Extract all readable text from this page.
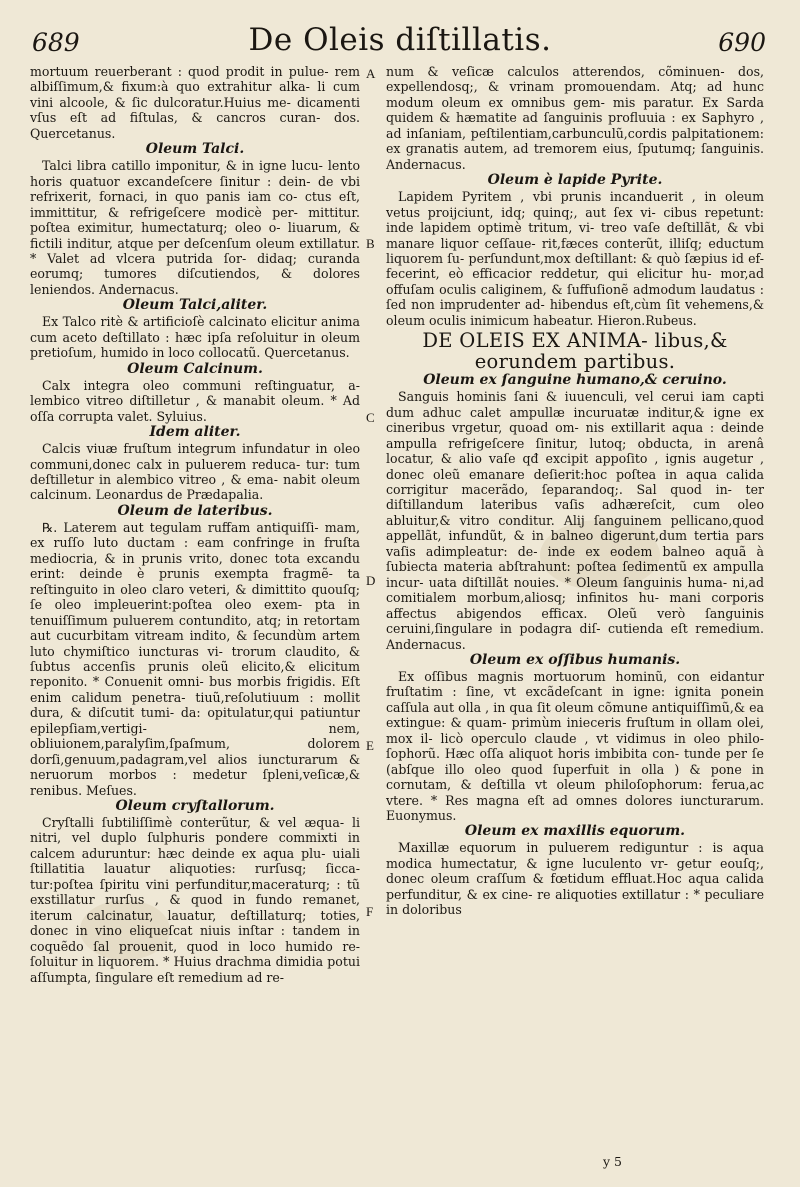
689	De Oleis diſtillatis.	690

mortuum reuerberant : quod prodit in pulue- rem albiſſimum,& fixum:à quo extrahitur alka- li cum vini alcoole, & ſic dulcoratur.Huius me- dicamenti vſus eſt ad fiſtulas, & cancros curan- dos. Quercetanus.

Oleum Talci.

Talci libra catillo imponitur, & in igne lucu- lento horis quatuor excandeſcere ſinitur : dein- de vbi refrixerit, fornaci, in quo panis iam co- ctus eſt, immittitur, & refrigeſcere modicè per- mittitur. poſtea eximitur, humectaturq; oleo o- liuarum, & fictili inditur, atque per deſcenſum oleum extillatur. * Valet ad vlcera putrida ſor- didaq; curanda eorumq; tumores diſcutiendos, & dolores leniendos. Andernacus.

Oleum Talci,aliter.

Ex Talco ritè & artificioſè calcinato elicitur anima cum aceto deſtillato : hæc ipſa reſoluitur in oleum pretioſum, humido in loco collocatũ. Quercetanus.

Oleum Calcinum.

Calx integra oleo communi reſtinguatur, a- lembico vitreo diſtilletur , & manabit oleum. * Ad oſſa corrupta valet. Syluius.

Idem aliter.

Calcis viuæ fruſtum integrum infundatur in oleo communi,donec calx in puluerem reduca- tur: tum deſtilletur in alembico vitreo , & ema- nabit oleum calcinum. Leonardus de Prædapalia.

Oleum de lateribus.

℞. Laterem aut tegulam ruffam antiquiſſi- mam, ex ruſſo luto ductam : eam confringe in fruſta mediocria, & in prunis vrito, donec tota excandu erint: deinde è prunis exempta fragmẽ- ta reſtinguito in oleo claro veteri, & dimittito quouſq; ſe oleo impleuerint:poſtea oleo exem- pta in tenuiſſimum puluerem contundito, atq; in retortam aut cucurbitam vitream indito, & ſecundùm artem luto chymiſtico iuncturas vi- trorum claudito, & ſubtus accenſis prunis oleũ elicito,& elicitum reponito. * Conuenit omni- bus morbis frigidis. Eſt enim calidum penetra- tiuũ,reſolutiuum : mollit dura, & diſcutit tumi- da: opitulatur,qui patiuntur epilepſiam,vertigi- nem, obliuionem,paralyſim,ſpaſmum, dolorem dorſi,genuum,padagram,vel alios iuncturarum & neruorum morbos : medetur ſpleni,veſicæ,& renibus. Meſues.

Oleum cryſtallorum.

Cryſtalli ſubtiliſſimè conterũtur, & vel æqua- li nitri, vel duplo ſulphuris pondere commixti in calcem aduruntur: hæc deinde ex aqua plu- uiali ſtillatitia lauatur aliquoties: rurſusq; ſicca- tur:poſtea ſpiritu vini perfunditur,maceraturq; : tũ exstillatur rurſus , & quod in fundo remanet, iterum calcinatur, lauatur, deſtillaturq; toties, donec in vino eliqueſcat niuis inſtar : tandem in coquẽdo ſal prouenit, quod in loco humido re- ſoluitur in liquorem. * Huius drachma dimidia potui aſſumpta, ſingulare eſt remedium ad re-

num & veſicæ calculos atterendos, cõminuen- dos, expellendosq;, & vrinam promouendam. Atq; ad hunc modum oleum ex omnibus gem- mis paratur. Ex Sarda quidem & hæmatite ad ſanguinis profluuia : ex Saphyro , ad inſaniam, peſtilentiam,carbunculũ,cordis palpitationem: ex granatis autem, ad tremorem eius, ſputumq; ſanguinis. Andernacus.

Oleum è lapide Pyrite.

Lapidem Pyritem , vbi prunis incanduerit , in oleum vetus proijciunt, idq; quinq;, aut ſex vi- cibus repetunt: inde lapidem optimè tritum, vi- treo vaſe deſtillãt, & vbi manare liquor ceſſaue- rit,fæces conterũt, illiſq; eductum liquorem ſu- perſundunt,mox deſtillant: & quò ſæpius id ef- fecerint, eò efficacior reddetur, qui elicitur hu- mor,ad offuſam oculis caliginem, & ſuffuſionẽ admodum laudatus : ſed non imprudenter ad- hibendus eſt,cùm ſit vehemens,& oleum oculis inimicum habeatur. Hieron.Rubeus.

DE OLEIS EX ANIMA- libus,& eorundem partibus.

Oleum ex ſanguine humano,& ceruino.

Sanguis hominis ſani & iuuenculi, vel cerui iam capti dum adhuc calet ampullæ incuruatæ inditur,& igne ex cineribus vrgetur, quoad om- nis extillarit aqua : deinde ampulla refrigeſcere ſinitur, lutoq; obducta, in arenâ locatur, & alio vaſe qđ excipit appoſito , ignis augetur , donec oleũ emanare deſierit:hoc poſtea in aqua calida corrigitur macerãdo, ſeparandoq;. Sal quod in- ter diſtillandum lateribus vaſis adhæreſcit, cum oleo abluitur,& vitro conditur. Alij ſanguinem pellicano,quod appellãt, infundũt, & in balneo digerunt,dum tertia pars vaſis adimpleatur: de- inde ex eodem balneo aquã à ſubiecta materia abſtrahunt: poſtea ſedimentũ ex ampulla incur- uata diſtillãt nouies. * Oleum ſanguinis huma- ni,ad comitialem morbum,aliosq; infinitos hu- mani corporis affectus abigendos efficax. Oleũ verò ſanguinis ceruini,ſingulare in podagra diſ- cutienda eſt remedium. Andernacus.

Oleum ex oſſibus humanis.

Ex oſſibus magnis mortuorum hominũ, con eidantur fruſtatim : ſine, vt excãdeſcant in igne: ignita ponein caſſula aut olla , in qua ſit oleum cõmune antiquiſſimũ,& ea extingue: & quam- primùm inieceris fruſtum in ollam olei, mox il- licò operculo claude , vt vidimus in oleo philo- ſophorũ. Hæc oſſa aliquot horis imbibita con- tunde per ſe (abſque illo oleo quod ſuperfuit in olla ) & pone in cornutam, & deſtilla vt oleum philoſophorum: ferua,ac vtere. * Res magna eſt ad omnes dolores iuncturarum. Euonymus.

Oleum ex maxillis equorum.

Maxillæ equorum in puluerem rediguntur : is aqua modica humectatur, & igne luculento vr- getur eouſq;, donec oleum craſſum & fœtidum effluat.Hoc aqua calida perfunditur, & ex cine- re aliquoties extillatur : * peculiare in doloribus

A
B
C
D
E
F
y 5
